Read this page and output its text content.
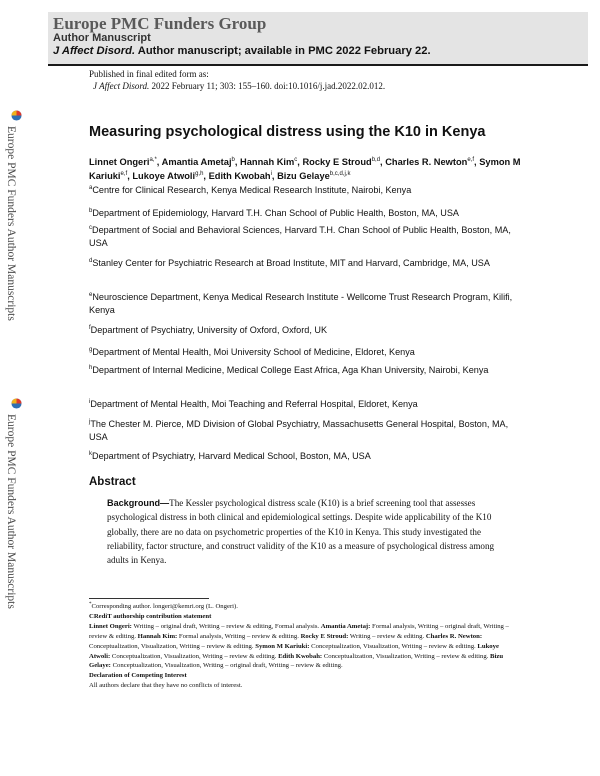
Europe PMC Funders Group
Author Manuscript
J Affect Disord. Author manuscript; available in PMC 2022 February 22.
Published in final edited form as:
J Affect Disord. 2022 February 11; 303: 155–160. doi:10.1016/j.jad.2022.02.012.
Europe PMC Funders Author Manuscripts
Europe PMC Funders Author Manuscripts
Measuring psychological distress using the K10 in Kenya
Linnet Ongeri$^{a,*}$, Amantia Ametaj$^b$, Hannah Kim$^c$, Rocky E Stroud$^{b,d}$, Charles R. Newton$^{e,f}$, Symon M Kariuki$^{e,f}$, Lukoye Atwoli$^{g,h}$, Edith Kwobah$^i$, Bizu Gelaye$^{b,c,d,j,k}$
$^a$Centre for Clinical Research, Kenya Medical Research Institute, Nairobi, Kenya
$^b$Department of Epidemiology, Harvard T.H. Chan School of Public Health, Boston, MA, USA
$^c$Department of Social and Behavioral Sciences, Harvard T.H. Chan School of Public Health, Boston, MA, USA
$^d$Stanley Center for Psychiatric Research at Broad Institute, MIT and Harvard, Cambridge, MA, USA
$^e$Neuroscience Department, Kenya Medical Research Institute - Wellcome Trust Research Program, Kilifi, Kenya
$^f$Department of Psychiatry, University of Oxford, Oxford, UK
$^g$Department of Mental Health, Moi University School of Medicine, Eldoret, Kenya
$^h$Department of Internal Medicine, Medical College East Africa, Aga Khan University, Nairobi, Kenya
$^i$Department of Mental Health, Moi Teaching and Referral Hospital, Eldoret, Kenya
$^j$The Chester M. Pierce, MD Division of Global Psychiatry, Massachusetts General Hospital, Boston, MA, USA
$^k$Department of Psychiatry, Harvard Medical School, Boston, MA, USA
Abstract
Background—The Kessler psychological distress scale (K10) is a brief screening tool that assesses psychological distress in both clinical and epidemiological settings. Despite wide applicability of the K10 globally, there are no data on psychometric properties of the K10 in Kenya. This study investigated the reliability, factor structure, and construct validity of the K10 as a measure of psychological distress among adults in Kenya.
*Corresponding author. longeri@kemri.org (L. Ongeri).
CRediT authorship contribution statement
Linnet Ongeri: Writing – original draft, Writing – review & editing, Formal analysis. Amantia Ametaj: Formal analysis, Writing – original draft, Writing – review & editing. Hannah Kim: Formal analysis, Writing – review & editing. Rocky E Stroud: Writing – review & editing. Charles R. Newton: Conceptualization, Visualization, Writing – review & editing. Symon M Kariuki: Conceptualization, Visualization, Writing – review & editing. Lukoye Atwoli: Conceptualization, Visualization, Writing – review & editing. Edith Kwobah: Conceptualization, Visualization, Writing – review & editing. Bizu Gelaye: Conceptualization, Visualization, Writing – original draft, Writing – review & editing.
Declaration of Competing Interest
All authors declare that they have no conflicts of interest.
